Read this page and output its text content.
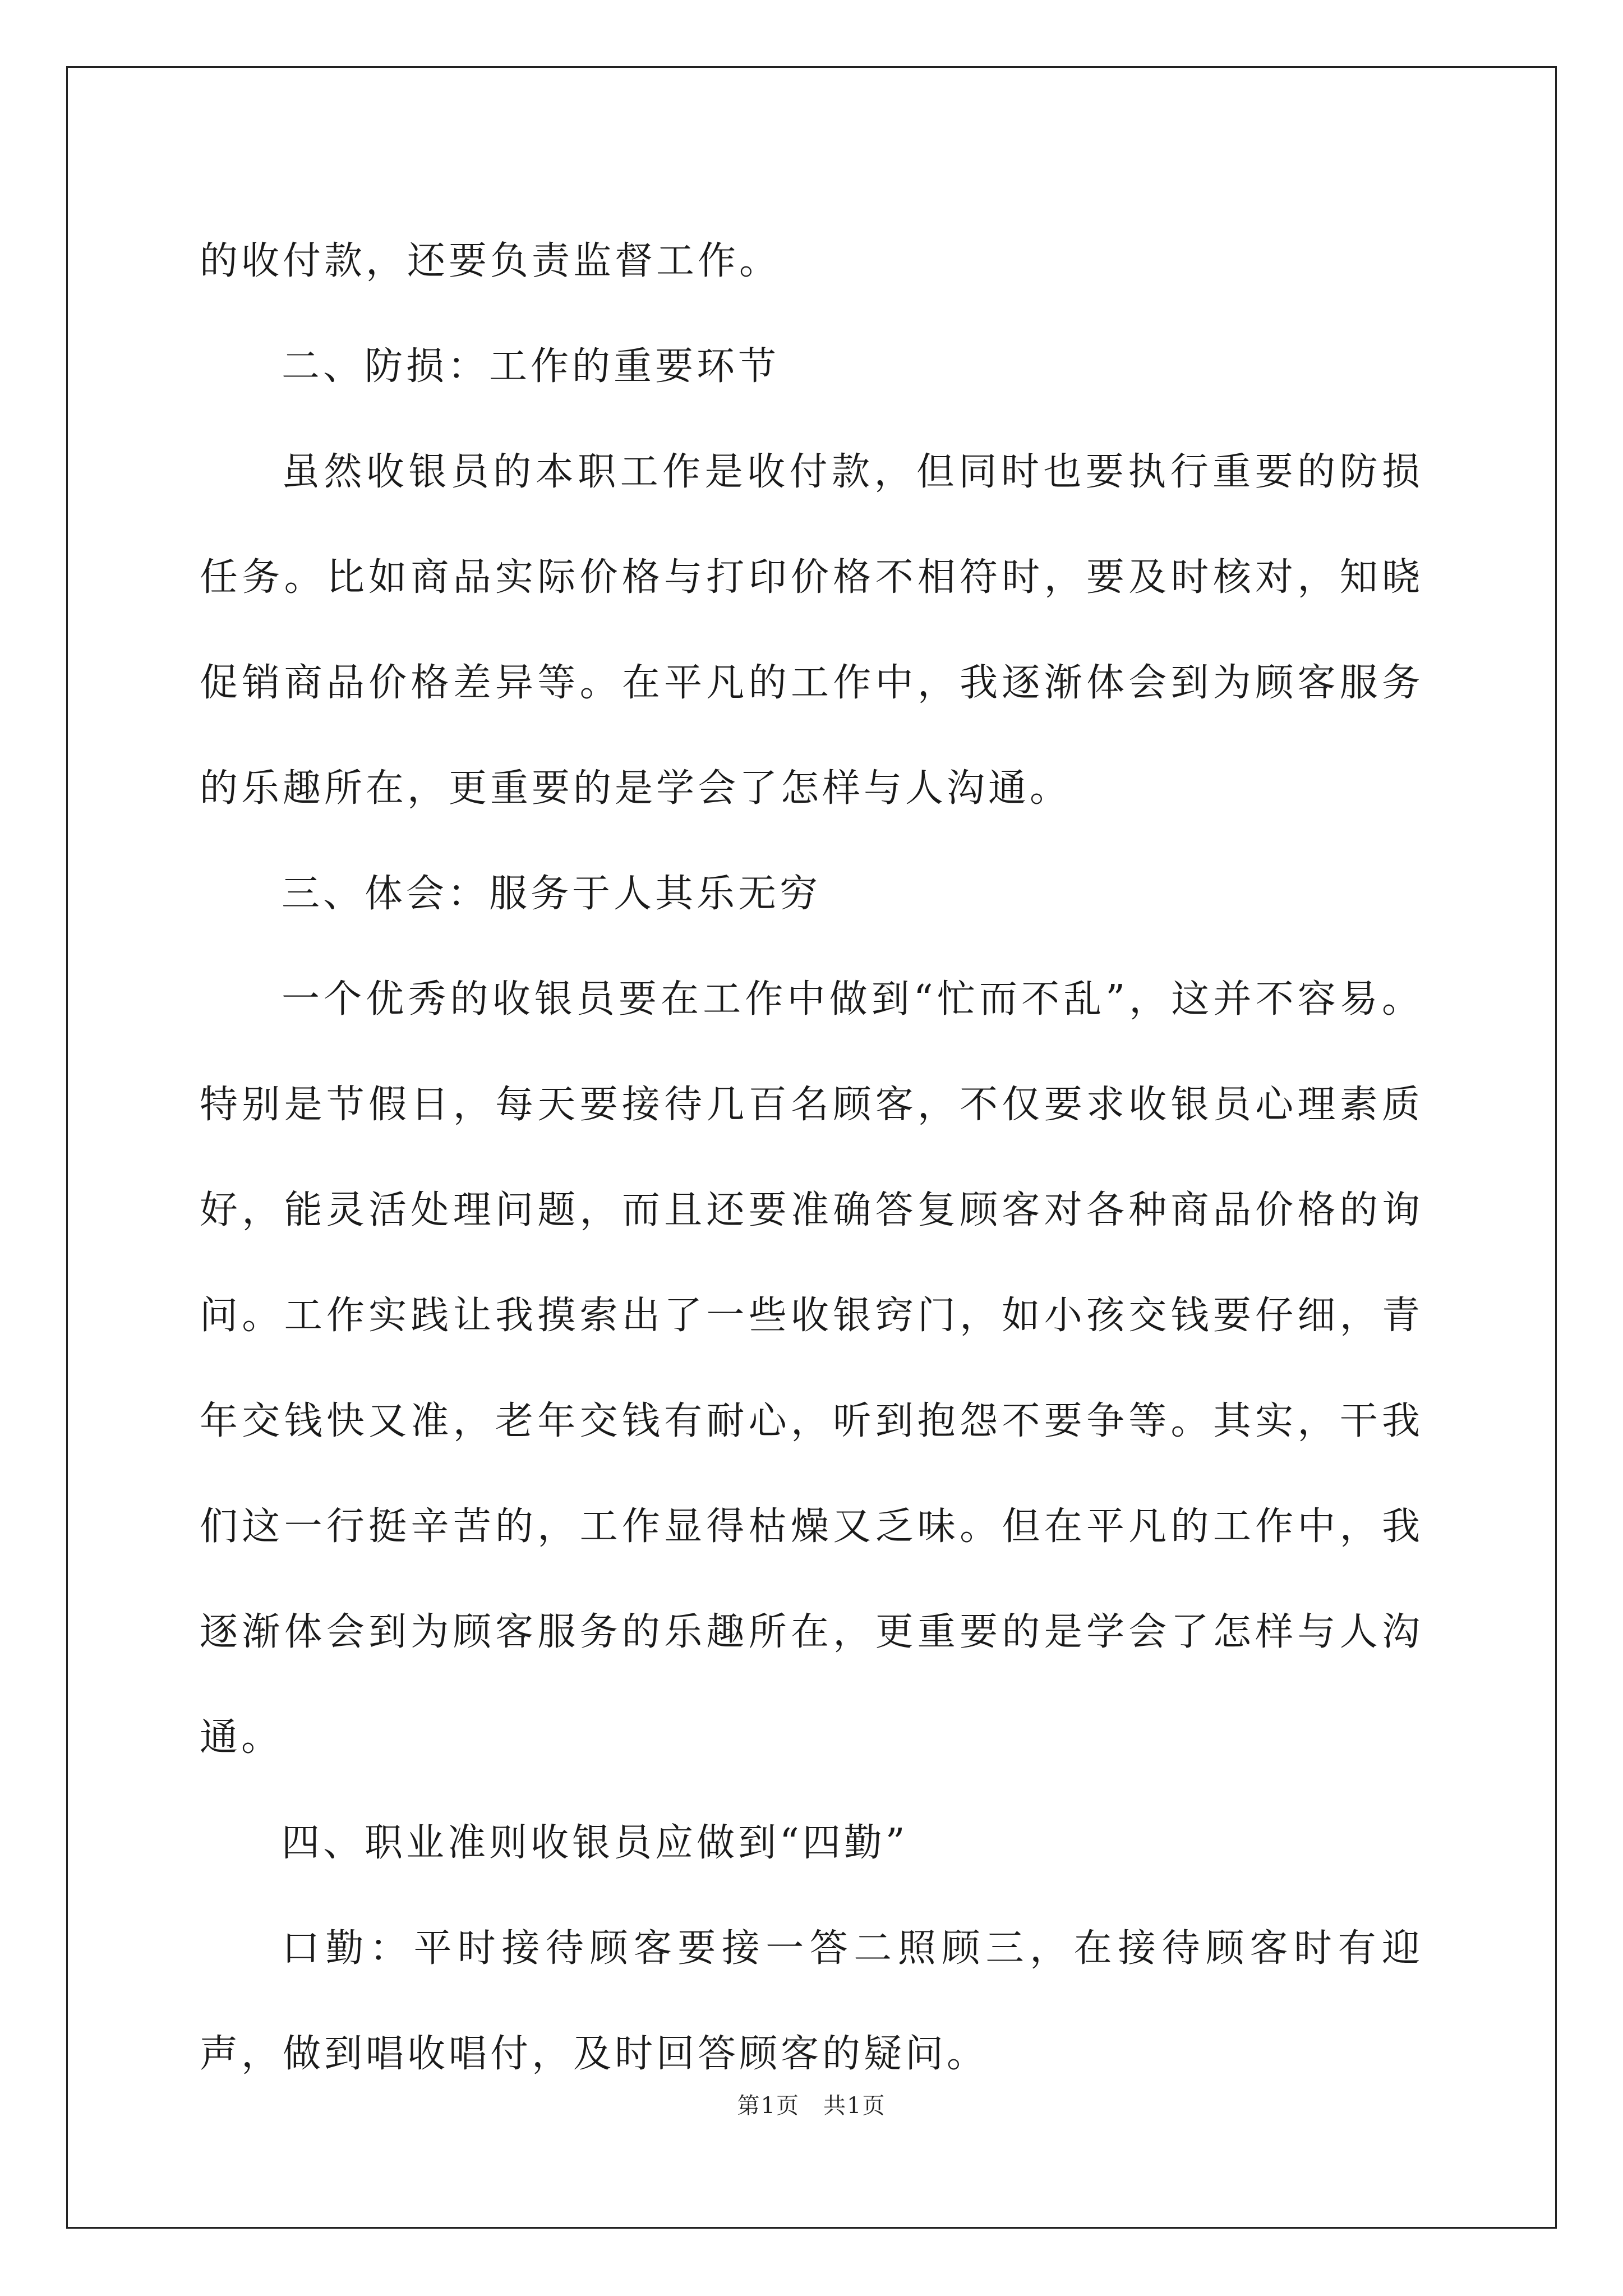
的收付款，还要负责监督工作。

二、防损：工作的重要环节

虽然收银员的本职工作是收付款，但同时也要执行重要的防损任务。比如商品实际价格与打印价格不相符时，要及时核对，知晓促销商品价格差异等。在平凡的工作中，我逐渐体会到为顾客服务的乐趣所在，更重要的是学会了怎样与人沟通。

三、体会：服务于人其乐无穷

一个优秀的收银员要在工作中做到“忙而不乱”，这并不容易。特别是节假日，每天要接待几百名顾客，不仅要求收银员心理素质好，能灵活处理问题，而且还要准确答复顾客对各种商品价格的询问。工作实践让我摸索出了一些收银窍门，如小孩交钱要仔细，青年交钱快又准，老年交钱有耐心，听到抱怨不要争等。其实，干我们这一行挺辛苦的，工作显得枯燥又乏味。但在平凡的工作中，我逐渐体会到为顾客服务的乐趣所在，更重要的是学会了怎样与人沟通。

四、职业准则收银员应做到“四勤”

口勤：平时接待顾客要接一答二照顾三，在接待顾客时有迎声，做到唱收唱付，及时回答顾客的疑问。

第1页　共1页
